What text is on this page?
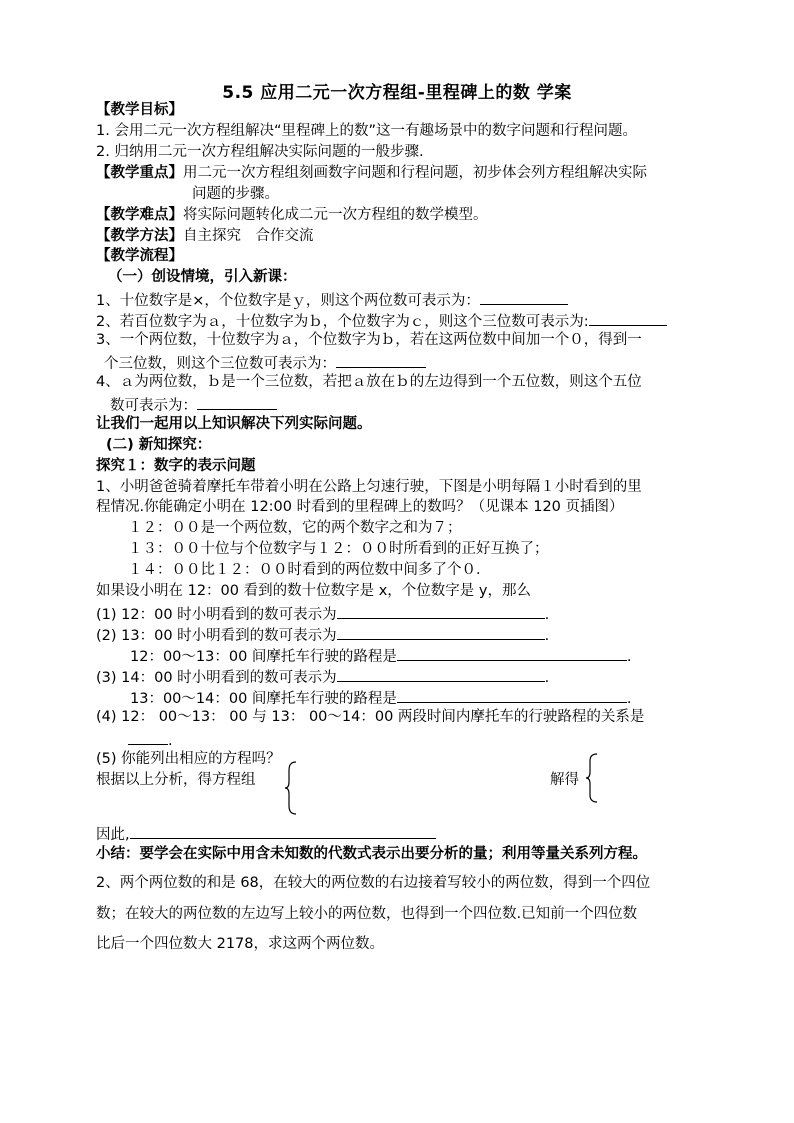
5.5 应用二元一次方程组-里程碑上的数 学案
【教学目标】
1. 会用二元一次方程组解决“里程碑上的数”这一有趣场景中的数字问题和行程问题。
2. 归纳用二元一次方程组解决实际问题的一般步骤.
【教学重点】用二元一次方程组刻画数字问题和行程问题，初步体会列方程组解决实际
问题的步骤。
【教学难点】将实际问题转化成二元一次方程组的数学模型。
【教学方法】自主探究　合作交流
【教学流程】
（一）创设情境，引入新课：
1、十位数字是×，个位数字是ｙ，则这个两位数可表示为：
2、若百位数字为ａ，十位数字为ｂ，个位数字为ｃ，则这个三位数可表示为:
3、一个两位数，十位数字为ａ，个位数字为ｂ，若在这两位数中间加一个０，得到一
个三位数，则这个三位数可表示为：
4、ａ为两位数，ｂ是一个三位数，若把ａ放在ｂ的左边得到一个五位数，则这个五位
数可表示为：
让我们一起用以上知识解决下列实际问题。
(二) 新知探究：
探究１：数字的表示问题
1、小明爸爸骑着摩托车带着小明在公路上匀速行驶，下图是小明每隔１小时看到的里
程情况.你能确定小明在 12:00 时看到的里程碑上的数吗？（见课本 120 页插图）
１２：００是一个两位数，它的两个数字之和为７；
１３：００十位与个位数字与１２：００时所看到的正好互换了；
１４：００比１２：００时看到的两位数中间多了个０．
如果设小明在 12：00 看到的数十位数字是 x，个位数字是 y，那么
(1) 12：00 时小明看到的数可表示为	.
(2) 13：00 时小明看到的数可表示为	.
12：00～13：00 间摩托车行驶的路程是	.
(3) 14：00 时小明看到的数可表示为	.
13：00～14：00 间摩托车行驶的路程是	.
(4) 12： 00～13： 00 与 13： 00～14：00 两段时间内摩托车的行驶路程的关系是
.
(5) 你能列出相应的方程吗？
根据以上分析，得方程组	解得
因此,
小结：要学会在实际中用含未知数的代数式表示出要分析的量；利用等量关系列方程。
2、两个两位数的和是 68，在较大的两位数的右边接着写较小的两位数，得到一个四位
数；在较大的两位数的左边写上较小的两位数，也得到一个四位数.已知前一个四位数
比后一个四位数大 2178，求这两个两位数。
